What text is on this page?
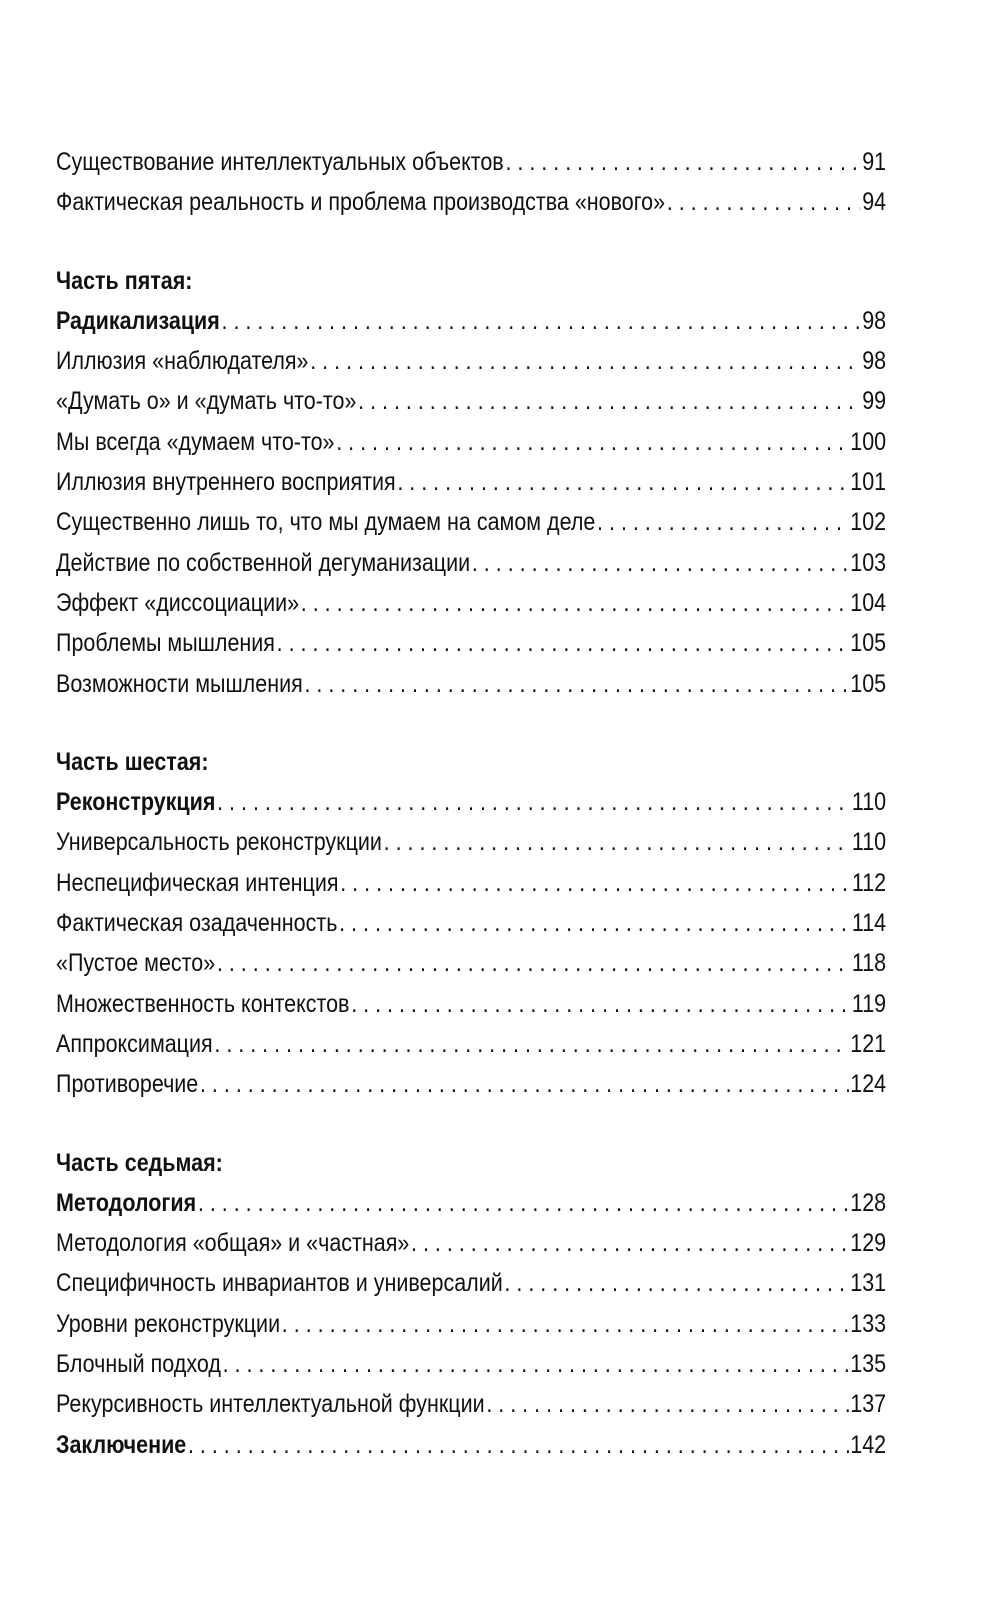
Существование интеллектуальных объектов . . .	91
Фактическая реальность и проблема производства «нового» . . .	94
Часть пятая:
Радикализация . . .	98
Иллюзия «наблюдателя» . . .	98
«Думать о» и «думать что-то» . . .	99
Мы всегда «думаем что-то» . . .	100
Иллюзия внутреннего восприятия . . .	101
Существенно лишь то, что мы думаем на самом деле . . .	102
Действие по собственной дегуманизации . . .	103
Эффект «диссоциации» . . .	104
Проблемы мышления . . .	105
Возможности мышления . . .	105
Часть шестая:
Реконструкция . . .	110
Универсальность реконструкции . . .	110
Неспецифическая интенция . . .	112
Фактическая озадаченность . . .	114
«Пустое место» . . .	118
Множественность контекстов . . .	119
Аппроксимация . . .	121
Противоречие . . .	124
Часть седьмая:
Методология . . .	128
Методология «общая» и «частная» . . .	129
Специфичность инвариантов и универсалий . . .	131
Уровни реконструкции . . .	133
Блочный подход . . .	135
Рекурсивность интеллектуальной функции . . .	137
Заключение . . .	142
